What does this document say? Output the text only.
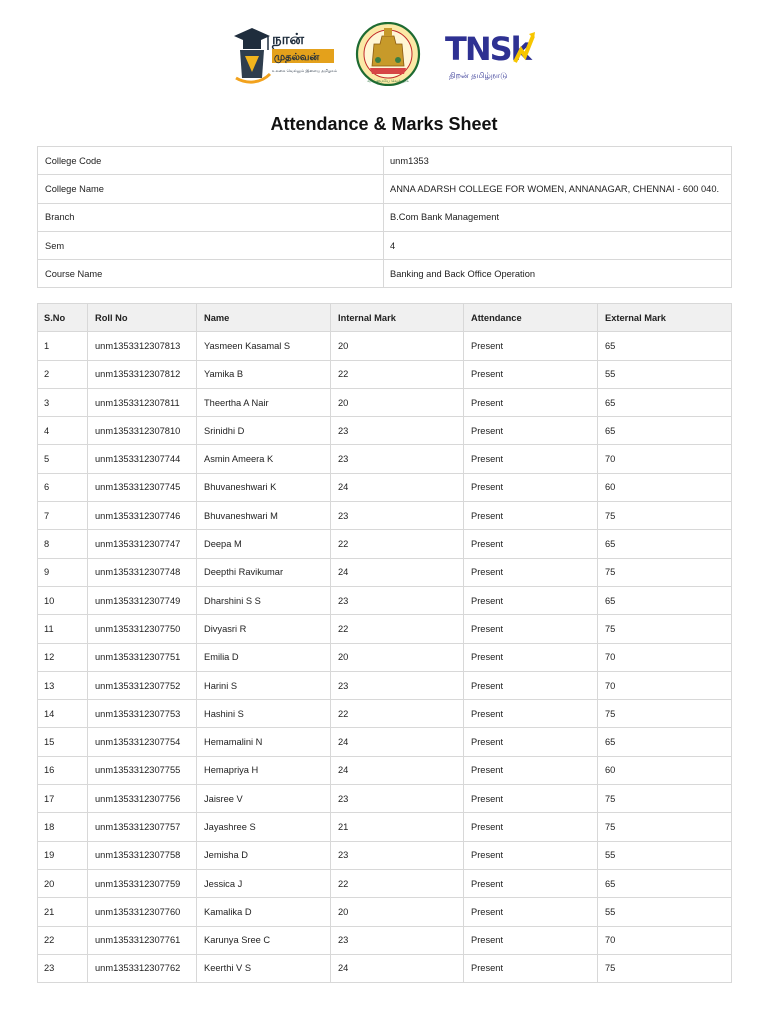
நான்
முதல்வன்
உலகை வெல்லும் இளைய தமிழகம்
வாய்மையே வெல்லும்
TNSk
திறன் தமிழ்நாடு
Attendance & Marks Sheet
College Code	unm1353
College Name	ANNA ADARSH COLLEGE FOR WOMEN, ANNANAGAR, CHENNAI - 600 040.
Branch	B.Com Bank Management
Sem	4
Course Name	Banking and Back Office Operation
S.No	Roll No	Name	Internal Mark	Attendance	External Mark
1	unm1353312307813	Yasmeen Kasamal S	20	Present	65
2	unm1353312307812	Yamika B	22	Present	55
3	unm1353312307811	Theertha A Nair	20	Present	65
4	unm1353312307810	Srinidhi D	23	Present	65
5	unm1353312307744	Asmin Ameera K	23	Present	70
6	unm1353312307745	Bhuvaneshwari K	24	Present	60
7	unm1353312307746	Bhuvaneshwari M	23	Present	75
8	unm1353312307747	Deepa M	22	Present	65
9	unm1353312307748	Deepthi Ravikumar	24	Present	75
10	unm1353312307749	Dharshini S S	23	Present	65
11	unm1353312307750	Divyasri R	22	Present	75
12	unm1353312307751	Emilia D	20	Present	70
13	unm1353312307752	Harini S	23	Present	70
14	unm1353312307753	Hashini S	22	Present	75
15	unm1353312307754	Hemamalini N	24	Present	65
16	unm1353312307755	Hemapriya H	24	Present	60
17	unm1353312307756	Jaisree V	23	Present	75
18	unm1353312307757	Jayashree S	21	Present	75
19	unm1353312307758	Jemisha D	23	Present	55
20	unm1353312307759	Jessica J	22	Present	65
21	unm1353312307760	Kamalika D	20	Present	55
22	unm1353312307761	Karunya Sree C	23	Present	70
23	unm1353312307762	Keerthi V S	24	Present	75
